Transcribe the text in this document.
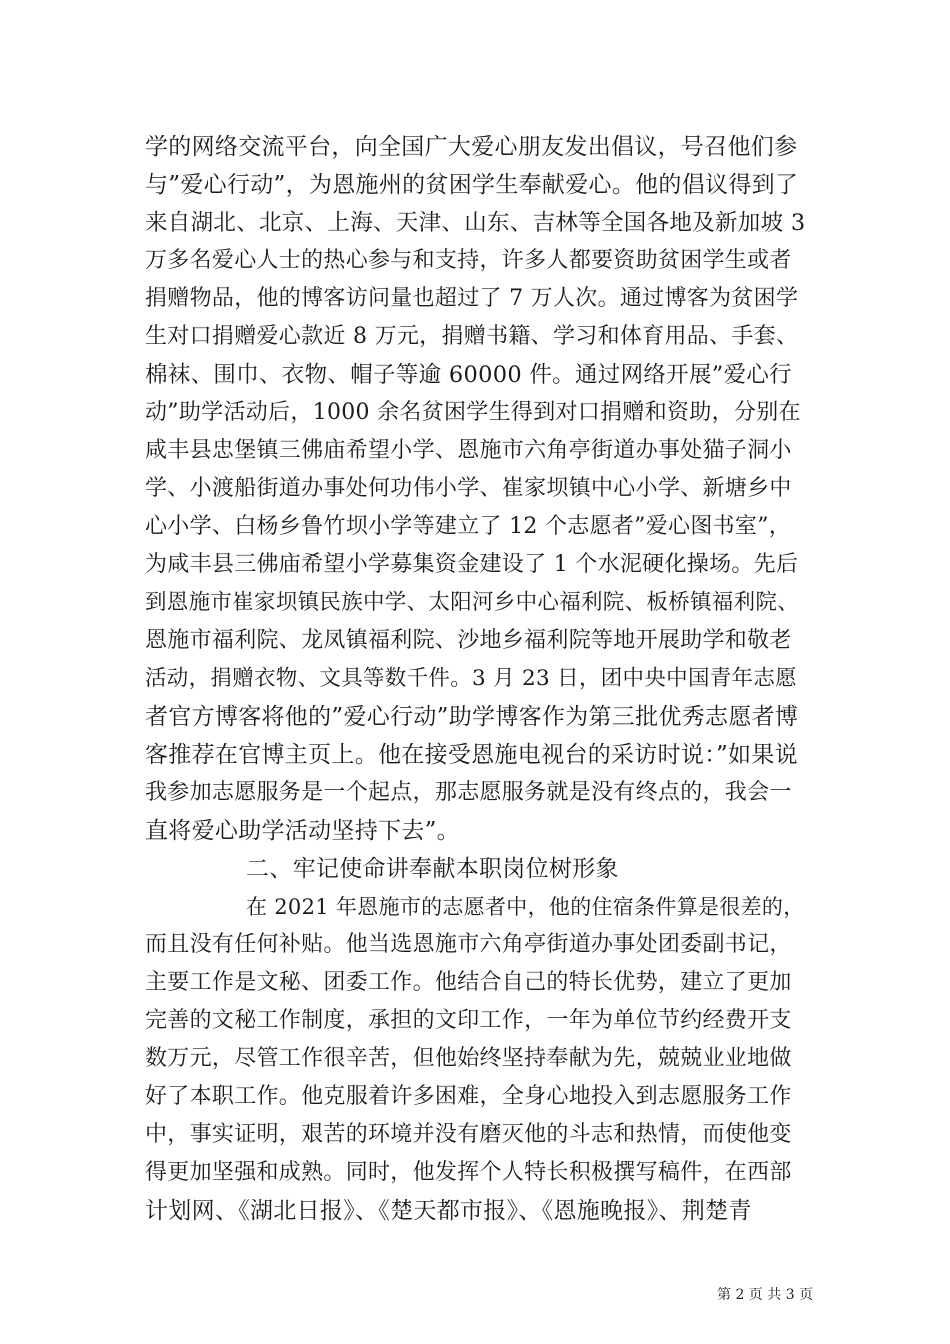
学的网络交流平台，向全国广大爱心朋友发出倡议，号召他们参
与”爱心行动”，为恩施州的贫困学生奉献爱心。他的倡议得到了
来自湖北、北京、上海、天津、山东、吉林等全国各地及新加坡 3
万多名爱心人士的热心参与和支持，许多人都要资助贫困学生或者
捐赠物品，他的博客访问量也超过了 7 万人次。通过博客为贫困学
生对口捐赠爱心款近 8 万元，捐赠书籍、学习和体育用品、手套、
棉袜、围巾、衣物、帽子等逾 60000 件。通过网络开展”爱心行
动”助学活动后，1000 余名贫困学生得到对口捐赠和资助，分别在
咸丰县忠堡镇三佛庙希望小学、恩施市六角亭街道办事处猫子洞小
学、小渡船街道办事处何功伟小学、崔家坝镇中心小学、新塘乡中
心小学、白杨乡鲁竹坝小学等建立了 12 个志愿者”爱心图书室”，
为咸丰县三佛庙希望小学募集资金建设了 1 个水泥硬化操场。先后
到恩施市崔家坝镇民族中学、太阳河乡中心福利院、板桥镇福利院、
恩施市福利院、龙凤镇福利院、沙地乡福利院等地开展助学和敬老
活动，捐赠衣物、文具等数千件。3 月 23 日，团中央中国青年志愿
者官方博客将他的”爱心行动”助学博客作为第三批优秀志愿者博
客推荐在官博主页上。他在接受恩施电视台的采访时说：”如果说
我参加志愿服务是一个起点，那志愿服务就是没有终点的，我会一
直将爱心助学活动坚持下去”。
二、牢记使命讲奉献本职岗位树形象
在 2021 年恩施市的志愿者中，他的住宿条件算是很差的，
而且没有任何补贴。他当选恩施市六角亭街道办事处团委副书记，
主要工作是文秘、团委工作。他结合自己的特长优势，建立了更加
完善的文秘工作制度，承担的文印工作，一年为单位节约经费开支
数万元，尽管工作很辛苦，但他始终坚持奉献为先，兢兢业业地做
好了本职工作。他克服着许多困难，全身心地投入到志愿服务工作
中，事实证明，艰苦的环境并没有磨灭他的斗志和热情，而使他变
得更加坚强和成熟。同时，他发挥个人特长积极撰写稿件，在西部
计划网、《湖北日报》、《楚天都市报》、《恩施晚报》、荆楚青
第 2 页 共 3 页
